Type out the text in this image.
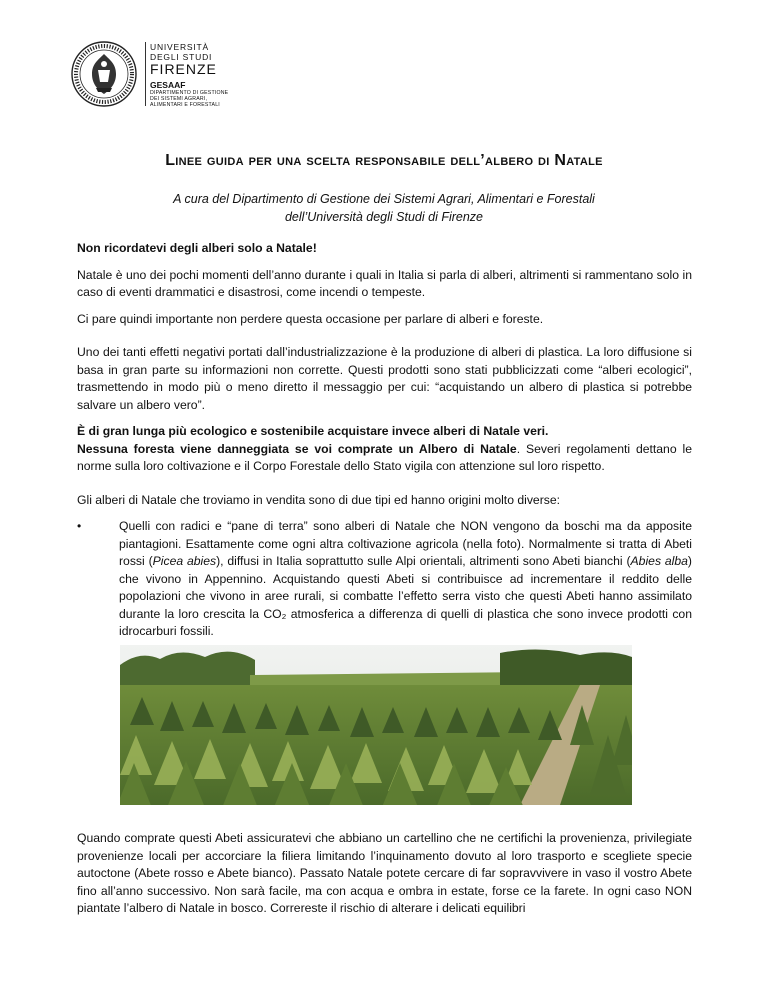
UNIVERSITÀ
DEGLI STUDI
FIRENZE
GESAAF
DIPARTIMENTO DI GESTIONE
DEI SISTEMI AGRARI,
ALIMENTARI E FORESTALI
Linee guida per una scelta responsabile dell’albero di Natale
A cura del Dipartimento di Gestione dei Sistemi Agrari, Alimentari e Forestali
dell’Università degli Studi di Firenze

Non ricordatevi degli alberi solo a Natale!

Natale è uno dei pochi momenti dell’anno durante i quali in Italia si parla di alberi, altrimenti si rammentano solo in caso di eventi drammatici e disastrosi, come incendi o tempeste.

Ci pare quindi importante non perdere questa occasione per parlare di alberi e foreste.

Uno dei tanti effetti negativi portati dall’industrializzazione è la produzione di alberi di plastica. La loro diffusione si basa in gran parte su informazioni non corrette. Questi prodotti sono stati pubblicizzati come “alberi ecologici”, trasmettendo in modo più o meno diretto il messaggio per cui: “acquistando un albero di plastica si potrebbe salvare un albero vero”.

È di gran lunga più ecologico e sostenibile acquistare invece alberi di Natale veri.

Nessuna foresta viene danneggiata se voi comprate un Albero di Natale. Severi regolamenti dettano le norme sulla loro coltivazione e il Corpo Forestale dello Stato vigila con attenzione sul loro rispetto.

Gli alberi di Natale che troviamo in vendita sono di due tipi ed hanno origini molto diverse:

•	Quelli con radici e “pane di terra” sono alberi di Natale che NON vengono da boschi ma da apposite piantagioni. Esattamente come ogni altra coltivazione agricola (nella foto). Normalmente si tratta di Abeti rossi (Picea abies), diffusi in Italia soprattutto sulle Alpi orientali, altrimenti sono Abeti bianchi (Abies alba) che vivono in Appennino. Acquistando questi Abeti si contribuisce ad incrementare il reddito delle popolazioni che vivono in aree rurali, si combatte l’effetto serra visto che questi Abeti hanno assimilato durante la loro crescita la CO₂ atmosferica a differenza di quelli di plastica che sono invece prodotti con idrocarburi fossili.

Quando comprate questi Abeti assicuratevi che abbiano un cartellino che ne certifichi la provenienza, privilegiate provenienze locali per accorciare la filiera limitando l’inquinamento dovuto al loro trasporto e scegliete specie autoctone (Abete rosso e Abete bianco). Passato Natale potete cercare di far sopravvivere in vaso il vostro Abete fino all’anno successivo. Non sarà facile, ma con acqua e ombra in estate, forse ce la farete. In ogni caso NON piantate l’albero di Natale in bosco. Correreste il rischio di alterare i delicati equilibri
